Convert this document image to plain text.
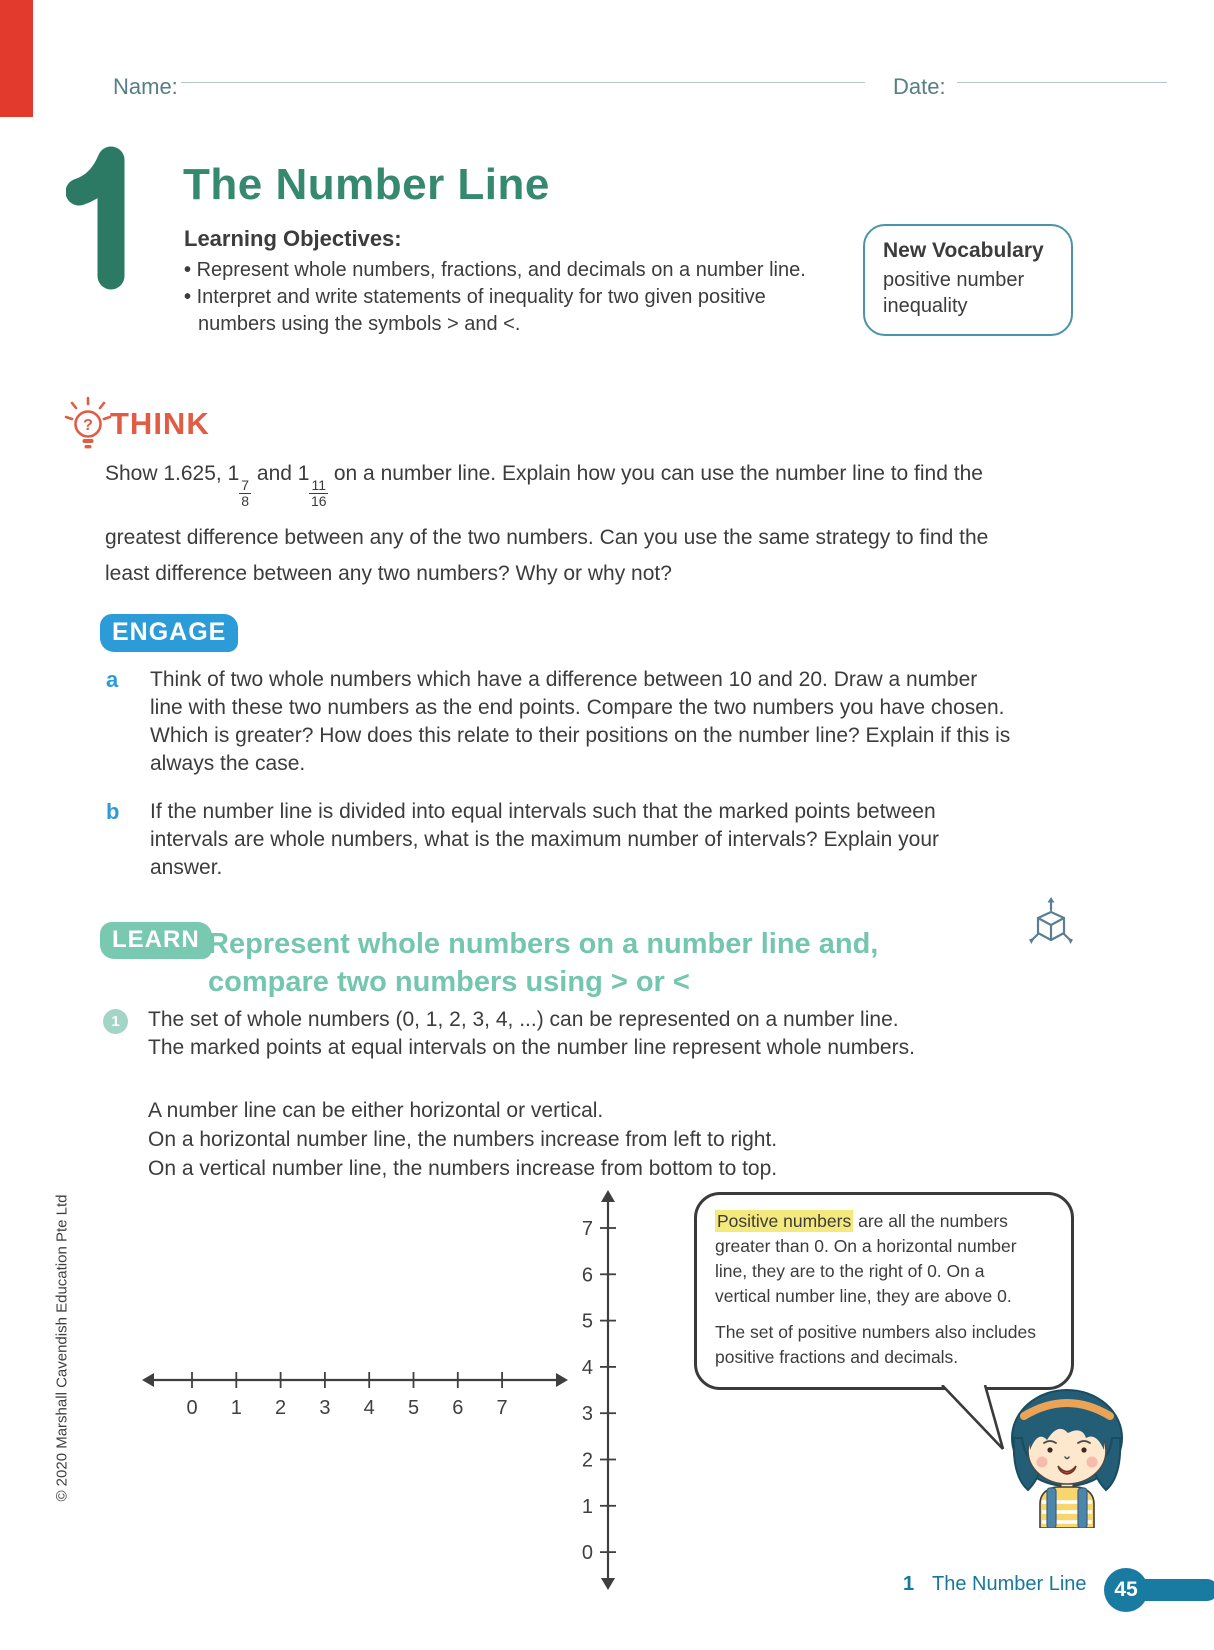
Name:	Date:
The Number Line
Learning Objectives:
• Represent whole numbers, fractions, and decimals on a number line.
• Interpret and write statements of inequality for two given positive
numbers using the symbols > and <.
New Vocabulary
positive number
inequality
? THINK
Show 1.625, 1
$\frac{7}{8}$
and 1
$\frac{11}{16}$
on a number line. Explain how you can use the number line to find the
greatest difference between any of the two numbers. Can you use the same strategy to find the
least difference between any two numbers? Why or why not?
ENGAGE
a Think of two whole numbers which have a difference between 10 and 20. Draw a number
line with these two numbers as the end points. Compare the two numbers you have chosen.
Which is greater? How does this relate to their positions on the number line? Explain if this is
always the case.
b If the number line is divided into equal intervals such that the marked points between
intervals are whole numbers, what is the maximum number of intervals? Explain your
answer.
LEARN Represent whole numbers on a number line and,
compare two numbers using > or <
1	The set of whole numbers (0, 1, 2, 3, 4, ...) can be represented on a number line.
The marked points at equal intervals on the number line represent whole numbers.
A number line can be either horizontal or vertical.
On a horizontal number line, the numbers increase from left to right.
On a vertical number line, the numbers increase from bottom to top.
0 1 2 3 4 5 6 7
7
6
5
4
3
2
1
0

Positive numbers are all the numbers
greater than 0. On a horizontal number
line, they are to the right of 0. On a
vertical number line, they are above 0.

The set of positive numbers also includes
positive fractions and decimals.

1 The Number Line	45
© 2020 Marshall Cavendish Education Pte Ltd
